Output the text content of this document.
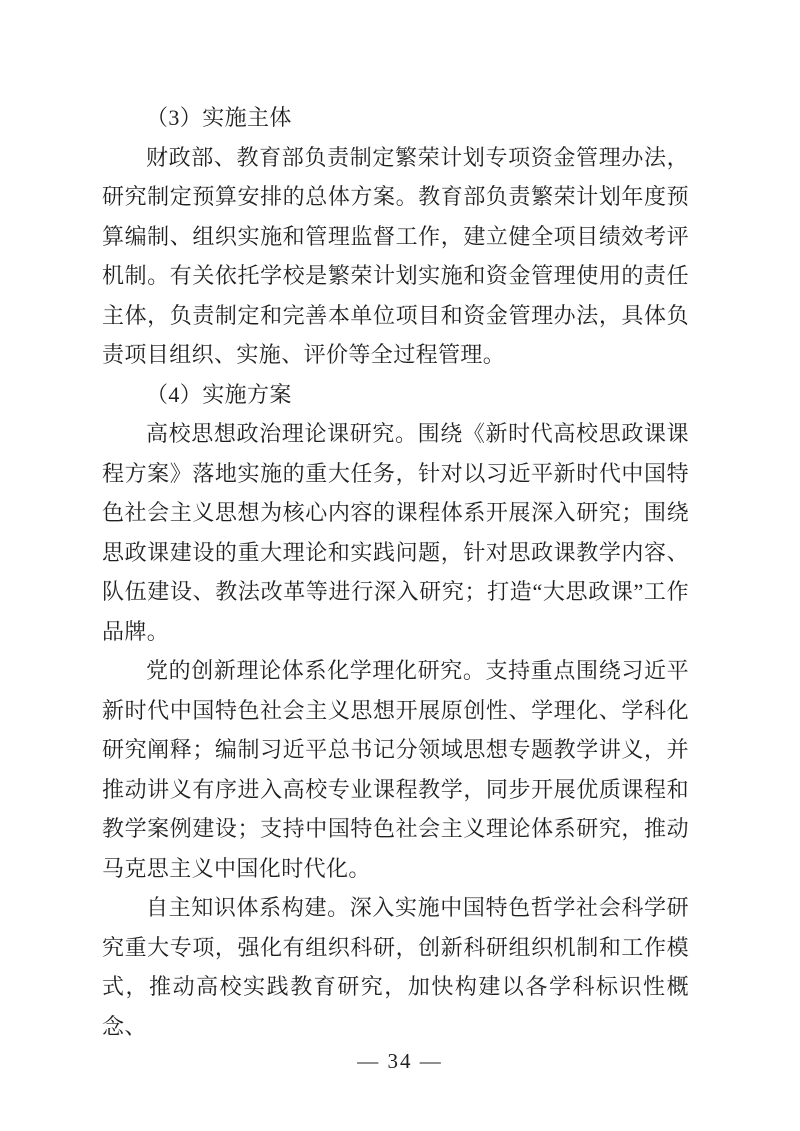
（3）实施主体

财政部、教育部负责制定繁荣计划专项资金管理办法，研究制定预算安排的总体方案。教育部负责繁荣计划年度预算编制、组织实施和管理监督工作，建立健全项目绩效考评机制。有关依托学校是繁荣计划实施和资金管理使用的责任主体，负责制定和完善本单位项目和资金管理办法，具体负责项目组织、实施、评价等全过程管理。

（4）实施方案

高校思想政治理论课研究。围绕《新时代高校思政课课程方案》落地实施的重大任务，针对以习近平新时代中国特色社会主义思想为核心内容的课程体系开展深入研究；围绕思政课建设的重大理论和实践问题，针对思政课教学内容、队伍建设、教法改革等进行深入研究；打造“大思政课”工作品牌。

党的创新理论体系化学理化研究。支持重点围绕习近平新时代中国特色社会主义思想开展原创性、学理化、学科化研究阐释；编制习近平总书记分领域思想专题教学讲义，并推动讲义有序进入高校专业课程教学，同步开展优质课程和教学案例建设；支持中国特色社会主义理论体系研究，推动马克思主义中国化时代化。

自主知识体系构建。深入实施中国特色哲学社会科学研究重大专项，强化有组织科研，创新科研组织机制和工作模式，推动高校实践教育研究，加快构建以各学科标识性概念、

— 34 —
